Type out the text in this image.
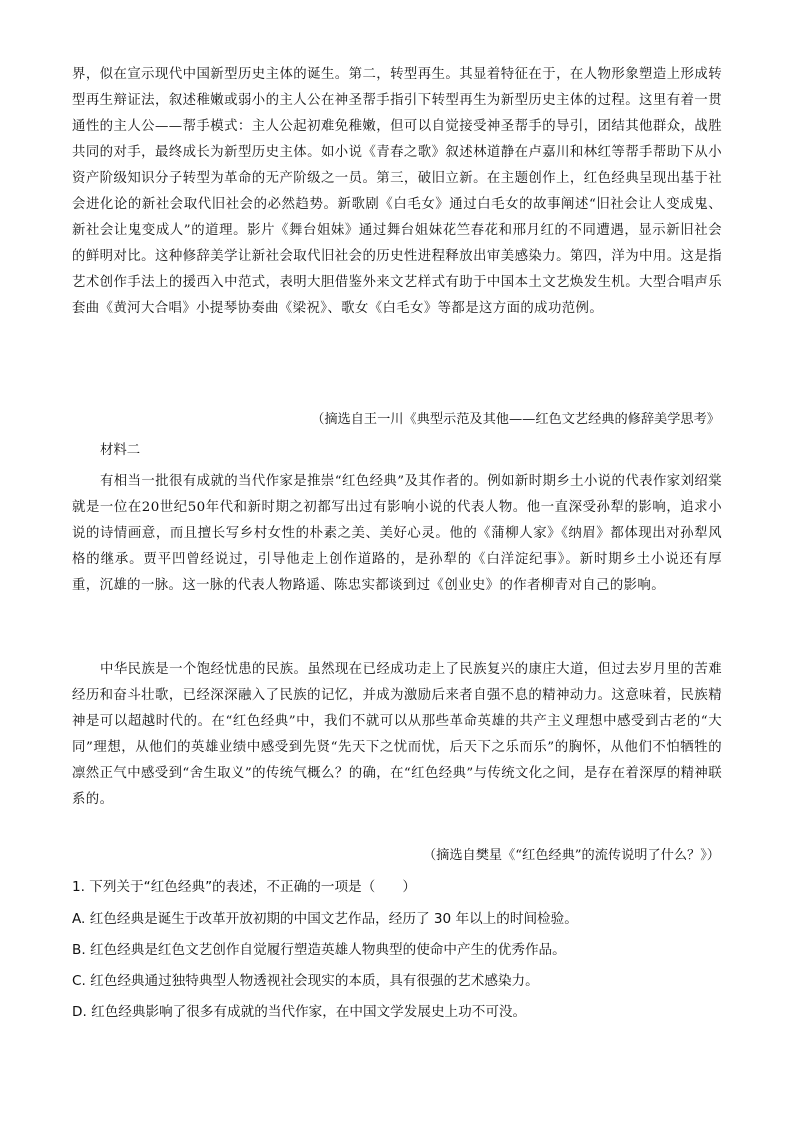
界，似在宣示现代中国新型历史主体的诞生。第二，转型再生。其显着特征在于，在人物形象塑造上形成转型再生辩证法，叙述稚嫩或弱小的主人公在神圣帮手指引下转型再生为新型历史主体的过程。这里有着一贯通性的主人公——帮手模式：主人公起初难免稚嫩，但可以自觉接受神圣帮手的导引，团结其他群众，战胜共同的对手，最终成长为新型历史主体。如小说《青春之歌》叙述林道静在卢嘉川和林红等帮手帮助下从小资产阶级知识分子转型为革命的无产阶级之一员。第三，破旧立新。在主题创作上，红色经典呈现出基于社会进化论的新社会取代旧社会的必然趋势。新歌剧《白毛女》通过白毛女的故事阐述“旧社会让人变成鬼、新社会让鬼变成人”的道理。影片《舞台姐妹》通过舞台姐妹花竺春花和邢月红的不同遭遇，显示新旧社会的鲜明对比。这种修辞美学让新社会取代旧社会的历史性进程释放出审美感染力。第四，洋为中用。这是指艺术创作手法上的援西入中范式，表明大胆借鉴外来文艺样式有助于中国本土文艺焕发生机。大型合唱声乐套曲《黄河大合唱》小提琴协奏曲《梁祝》、歌女《白毛女》等都是这方面的成功范例。

（摘选自王一川《典型示范及其他——红色文艺经典的修辞美学思考》

材料二

有相当一批很有成就的当代作家是推崇“红色经典”及其作者的。例如新时期乡土小说的代表作家刘绍棠就是一位在20世纪50年代和新时期之初都写出过有影响小说的代表人物。他一直深受孙犁的影响，追求小说的诗情画意，而且擅长写乡村女性的朴素之美、美好心灵。他的《蒲柳人家》《纳眉》都体现出对孙犁风格的继承。贾平凹曾经说过，引导他走上创作道路的，是孙犁的《白洋淀纪事》。新时期乡土小说还有厚重，沉雄的一脉。这一脉的代表人物路遥、陈忠实都谈到过《创业史》的作者柳青对自己的影响。

中华民族是一个饱经忧患的民族。虽然现在已经成功走上了民族复兴的康庄大道，但过去岁月里的苦难经历和奋斗壮歌，已经深深融入了民族的记忆，并成为激励后来者自强不息的精神动力。这意味着，民族精神是可以超越时代的。在“红色经典”中，我们不就可以从那些革命英雄的共产主义理想中感受到古老的“大同”理想，从他们的英雄业绩中感受到先贤“先天下之忧而忧，后天下之乐而乐”的胸怀，从他们不怕牺牲的凛然正气中感受到“舍生取义”的传统气概么？的确，在“红色经典”与传统文化之间，是存在着深厚的精神联系的。

（摘选自樊星《“红色经典”的流传说明了什么？》）

1. 下列关于“红色经典”的表述，不正确的一项是（　　）

A. 红色经典是诞生于改革开放初期的中国文艺作品，经历了 30 年以上的时间检验。

B. 红色经典是红色文艺创作自觉履行塑造英雄人物典型的使命中产生的优秀作品。

C. 红色经典通过独特典型人物透视社会现实的本质，具有很强的艺术感染力。

D. 红色经典影响了很多有成就的当代作家，在中国文学发展史上功不可没。
